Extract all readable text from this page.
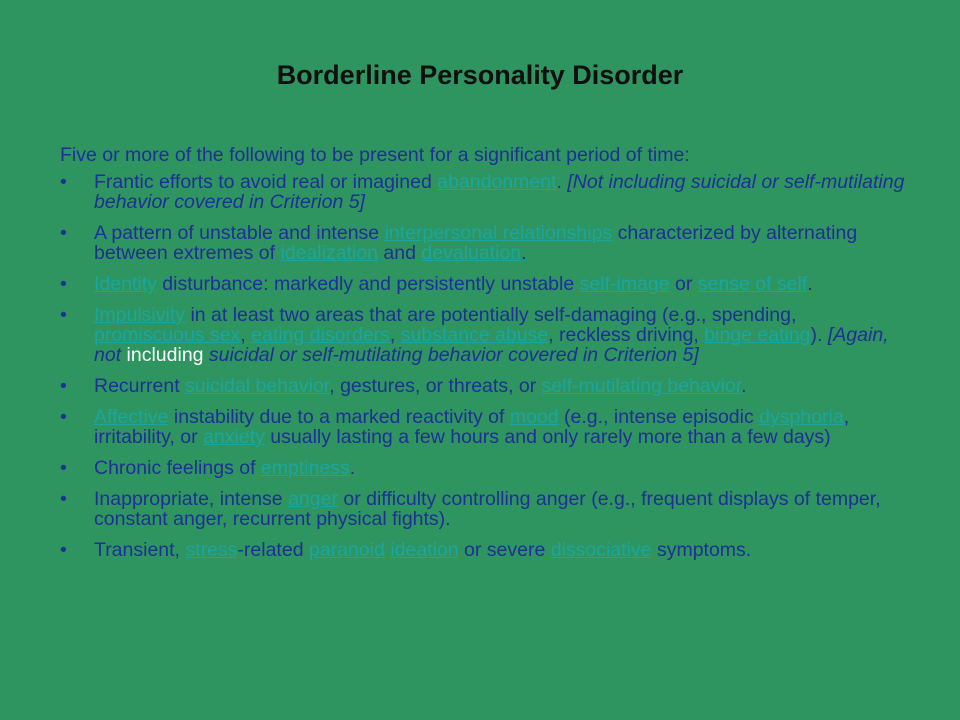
Borderline Personality Disorder

Five or more of the following to be present for a significant period of time:

• Frantic efforts to avoid real or imagined abandonment. [Not including suicidal or self-mutilating behavior covered in Criterion 5]
• A pattern of unstable and intense interpersonal relationships characterized by alternating between extremes of idealization and devaluation.
• Identity disturbance: markedly and persistently unstable self-image or sense of self.
• Impulsivity in at least two areas that are potentially self-damaging (e.g., spending, promiscuous sex, eating disorders, substance abuse, reckless driving, binge eating). [Again, not including suicidal or self-mutilating behavior covered in Criterion 5]
• Recurrent suicidal behavior, gestures, or threats, or self-mutilating behavior.
• Affective instability due to a marked reactivity of mood (e.g., intense episodic dysphoria, irritability, or anxiety usually lasting a few hours and only rarely more than a few days)
• Chronic feelings of emptiness.
• Inappropriate, intense anger or difficulty controlling anger (e.g., frequent displays of temper, constant anger, recurrent physical fights).
• Transient, stress-related paranoid ideation or severe dissociative symptoms.
